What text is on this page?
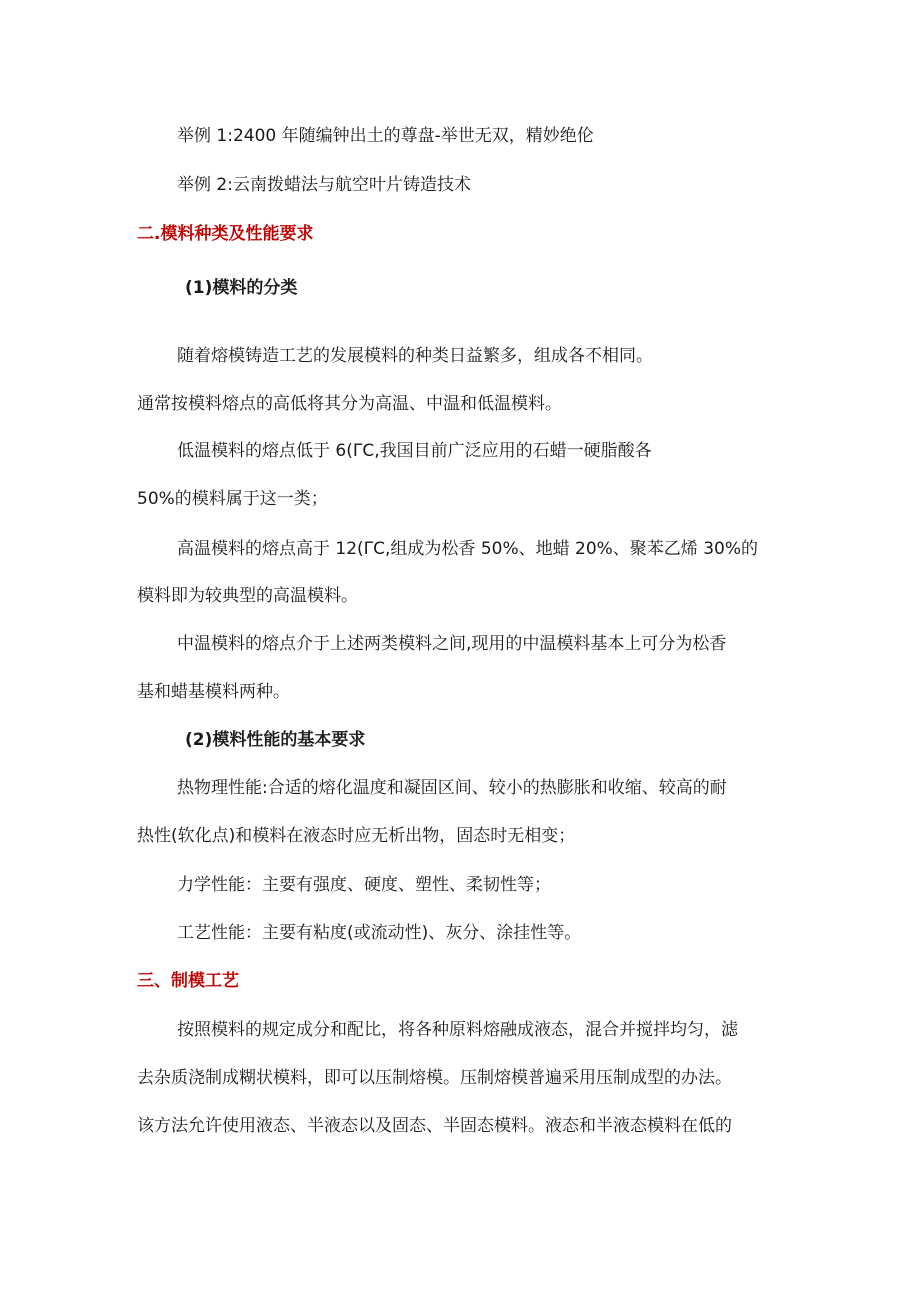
举例 1:2400 年随编钟出土的尊盘-举世无双，精妙绝伦
举例 2:云南拨蜡法与航空叶片铸造技术
二.模料种类及性能要求
(1)模料的分类
随着熔模铸造工艺的发展模料的种类日益繁多，组成各不相同。
通常按模料熔点的高低将其分为高温、中温和低温模料。
低温模料的熔点低于 6(ΓC,我国目前广泛应用的石蜡一硬脂酸各
50%的模料属于这一类；
高温模料的熔点高于 12(ΓC,组成为松香 50%、地蜡 20%、聚苯乙烯 30%的
模料即为较典型的高温模料。
中温模料的熔点介于上述两类模料之间,现用的中温模料基本上可分为松香
基和蜡基模料两种。
(2)模料性能的基本要求
热物理性能:合适的熔化温度和凝固区间、较小的热膨胀和收缩、较高的耐
热性(软化点)和模料在液态时应无析出物，固态时无相变；
力学性能：主要有强度、硬度、塑性、柔韧性等；
工艺性能：主要有粘度(或流动性)、灰分、涂挂性等。
三、制模工艺
按照模料的规定成分和配比，将各种原料熔融成液态，混合并搅拌均匀，滤
去杂质浇制成糊状模料，即可以压制熔模。压制熔模普遍采用压制成型的办法。
该方法允许使用液态、半液态以及固态、半固态模料。液态和半液态模料在低的
